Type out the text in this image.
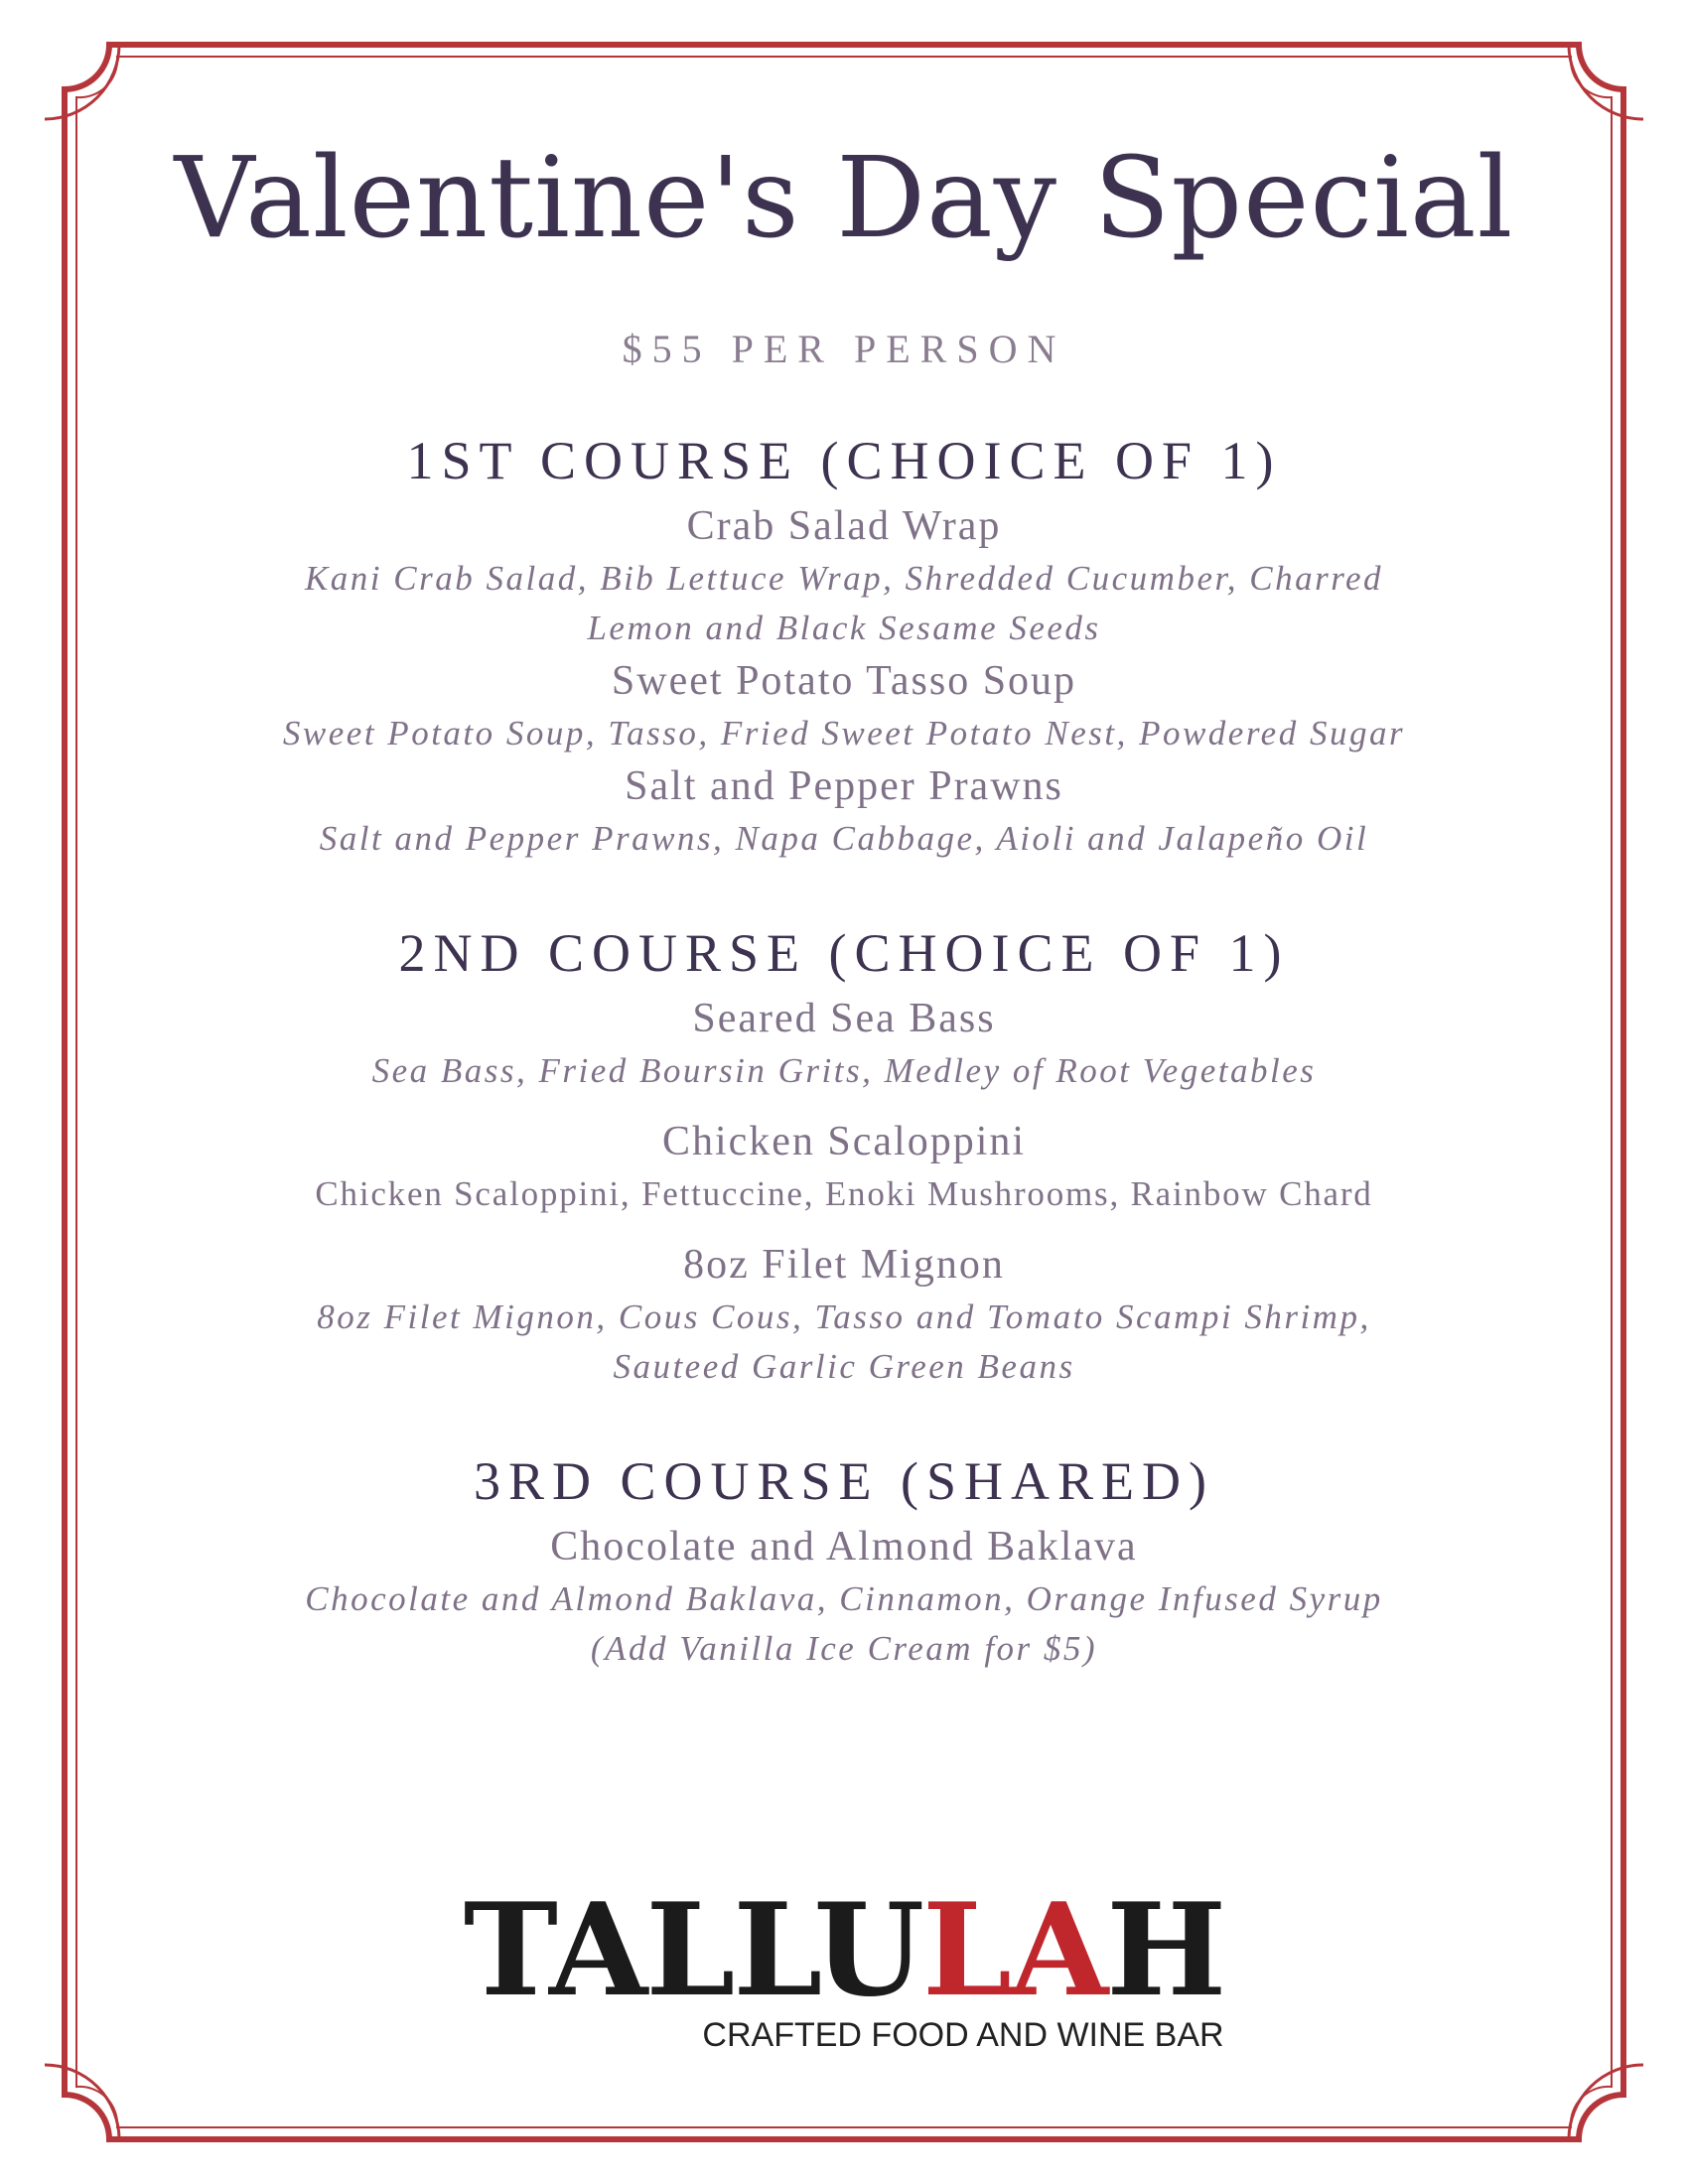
Valentine's Day Special
$55 PER PERSON
1ST COURSE (CHOICE OF 1)
Crab Salad Wrap
Kani Crab Salad, Bib Lettuce Wrap, Shredded Cucumber, Charred
Lemon and Black Sesame Seeds
Sweet Potato Tasso Soup
Sweet Potato Soup, Tasso, Fried Sweet Potato Nest, Powdered Sugar
Salt and Pepper Prawns
Salt and Pepper Prawns, Napa Cabbage, Aioli and Jalapeño Oil
2ND COURSE (CHOICE OF 1)
Seared Sea Bass
Sea Bass, Fried Boursin Grits, Medley of Root Vegetables
Chicken Scaloppini
Chicken Scaloppini, Fettuccine, Enoki Mushrooms, Rainbow Chard
8oz Filet Mignon
8oz Filet Mignon, Cous Cous, Tasso and Tomato Scampi Shrimp,
Sauteed Garlic Green Beans
3RD COURSE (SHARED)
Chocolate and Almond Baklava
Chocolate and Almond Baklava, Cinnamon, Orange Infused Syrup
(Add Vanilla Ice Cream for $5)
TALLULAH
CRAFTED FOOD AND WINE BAR
